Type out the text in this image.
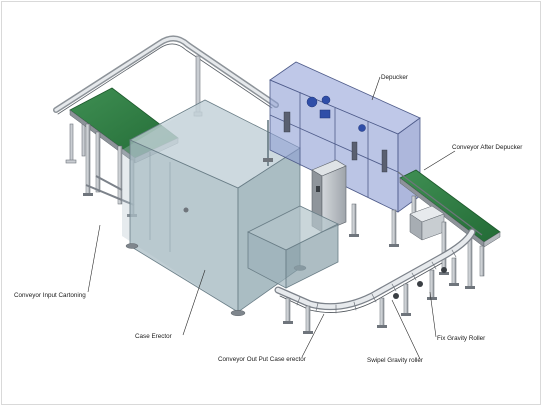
Depucker
Conveyor After Depucker
Conveyor Input Cartoning
Case Erector
Conveyor Out Put Case erector	Swipel Gravity roller
Fix Gravity Roller
